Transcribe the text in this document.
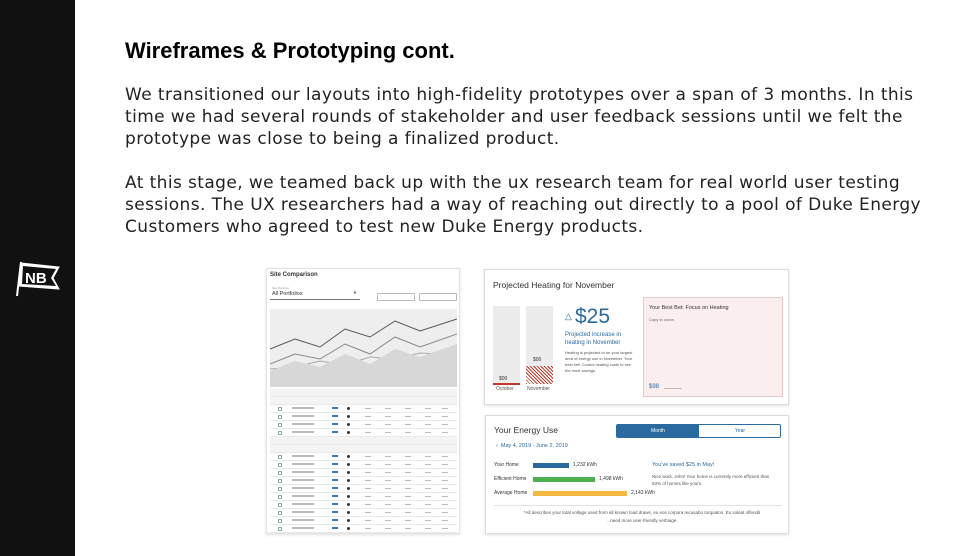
NB
Wireframes & Prototyping cont.
We transitioned our layouts into high-fidelity prototypes over a span of 3 months. In this time we had several rounds of stakeholder and user feedback sessions until we felt the prototype was close to being a finalized product.
At this stage, we teamed back up with the ux research team for real world user testing sessions. The UX researchers had a way of reaching out directly to a pool of Duke Energy Customers who agreed to test new Duke Energy products.
Site Comparison
Site Portfolio
All Portfolios	▼
Projected Heating for November
$00
$00
October	November
△ $25
Projected increase in heating in November
Heating is projected to be your largest area of energy use in November. Your best bet! Control heating costs to see the most savings.
Your Best Bet: Focus on Heating
Copy to come.
$98
Your Energy Use	Month	Year
‹  May 4, 2019 - June 2, 2019
Your Home	1,232 kWh
Efficient Home	1,498 kWh
Average Home	2,143 kWh
You've saved $25 in May!
Nice work, John! Your home is currently more efficient than 63% of homes like yours.
*All describes your total voltage used from all known load draws, eu eos corpora recusabo torquatos. Eu soleat offendit ...need more user-friendly verbiage.
